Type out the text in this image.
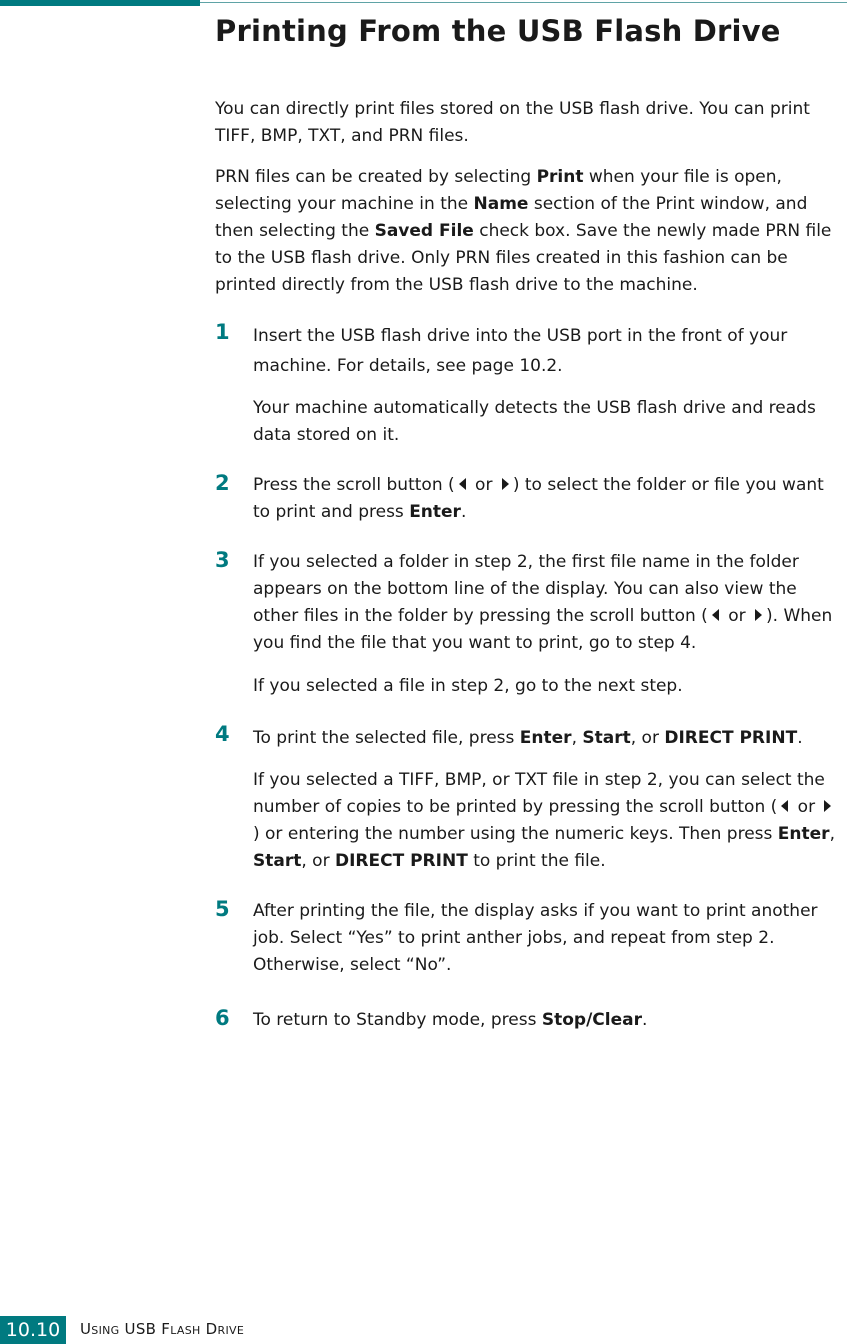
Printing From the USB Flash Drive

You can directly print files stored on the USB flash drive. You can print TIFF, BMP, TXT, and PRN files.

PRN files can be created by selecting Print when your file is open, selecting your machine in the Name section of the Print window, and then selecting the Saved File check box. Save the newly made PRN file to the USB flash drive. Only PRN files created in this fashion can be printed directly from the USB flash drive to the machine.

1 Insert the USB flash drive into the USB port in the front of your machine. For details, see page 10.2.

Your machine automatically detects the USB flash drive and reads data stored on it.

2 Press the scroll button ( or ) to select the folder or file you want to print and press Enter.

3 If you selected a folder in step 2, the first file name in the folder appears on the bottom line of the display. You can also view the other files in the folder by pressing the scroll button ( or ). When you find the file that you want to print, go to step 4.

If you selected a file in step 2, go to the next step.

4 To print the selected file, press Enter, Start, or DIRECT PRINT.

If you selected a TIFF, BMP, or TXT file in step 2, you can select the number of copies to be printed by pressing the scroll button ( or ) or entering the number using the numeric keys. Then press Enter, Start, or DIRECT PRINT to print the file.

5 After printing the file, the display asks if you want to print another job. Select “Yes” to print anther jobs, and repeat from step 2. Otherwise, select “No”.

6 To return to Standby mode, press Stop/Clear.

10.10	USING USB FLASH DRIVE
